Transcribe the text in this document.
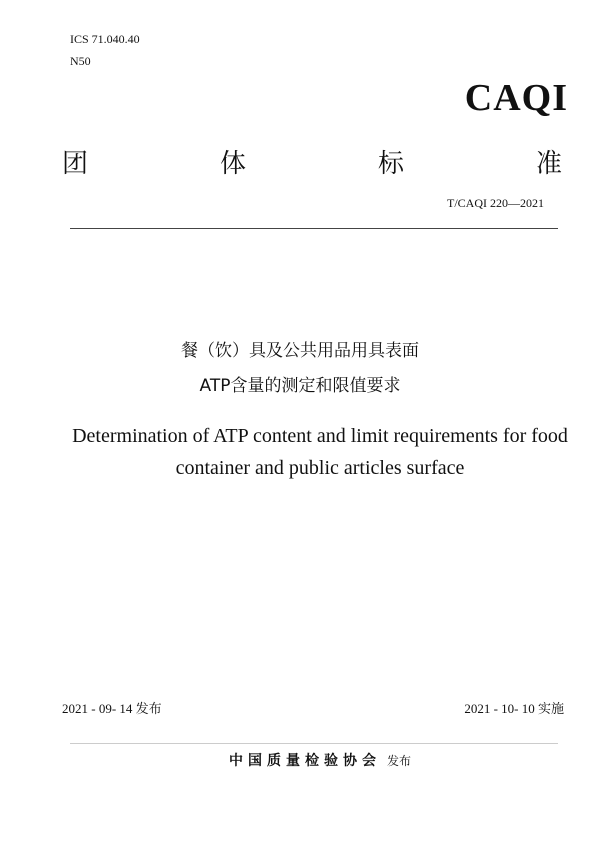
ICS 71.040.40
N50
CAQI
团	体	标	准
T/CAQI 220—2021
餐（饮）具及公共用品用具表面
ATP含量的测定和限值要求
Determination of ATP content and limit requirements for food
container and public articles surface
2021 - 09- 14 发布	2021 - 10- 10 实施
中国质量检验协会 发布
